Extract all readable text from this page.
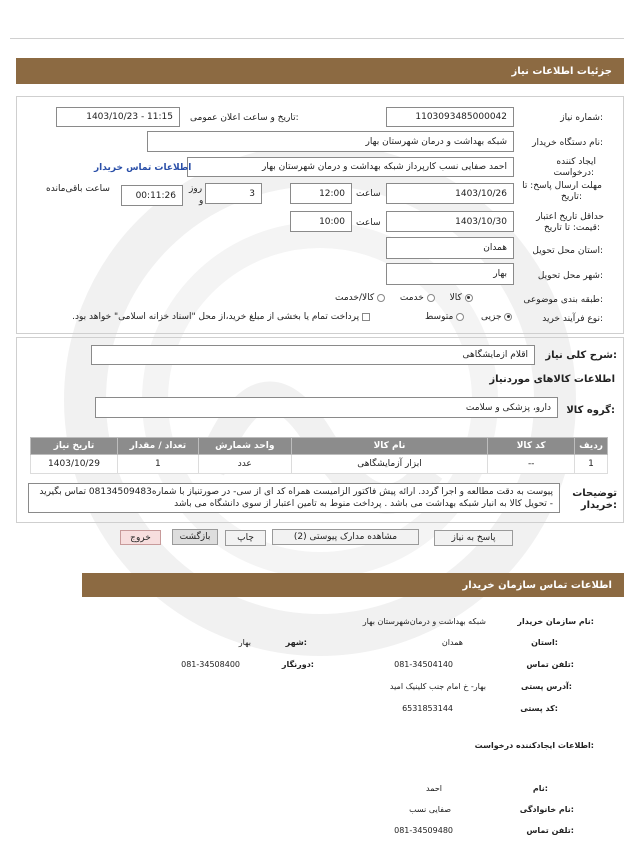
جزئیات اطلاعات نیاز
شماره نیاز:
1103093485000042
تاریخ و ساعت اعلان عمومی:
1403/10/23 - 11:15
نام دستگاه خریدار:
شبکه بهداشت و درمان شهرستان بهار
ایجاد کننده
درخواست:
احمد صفایی نسب کارپرداز شبکه بهداشت و درمان شهرستان بهار
اطلاعات تماس خریدار
مهلت ارسال پاسخ: تا
تاریخ:
1403/10/26
ساعت
12:00
3
روز
و
00:11:26
ساعت باقی‌مانده
حداقل تاریخ اعتبار
قیمت: تا تاریخ:
1403/10/30
ساعت
10:00
استان محل تحویل:
همدان
شهر محل تحویل:
بهار
طبقه بندی موضوعی:
کالا  خدمت  کالا/خدمت
نوع فرآیند خرید:
جزیی  متوسط
پرداخت تمام یا بخشی از مبلغ خرید،از محل "اسناد خزانه اسلامی" خواهد بود.
شرح کلی نیاز:
اقلام ازمایشگاهی
اطلاعات کالاهای موردنیاز
گروه کالا:
دارو، پزشکی و سلامت
ردیف	کد کالا	نام کالا	واحد شمارش	تعداد / مقدار	تاریخ نیاز
1	--	ابزار آزمایشگاهی	عدد	1	1403/10/29
توضیحات
خریدار:
پیوست به دقت مطالعه و اجرا گردد. ارائه پیش فاکتور الزامیست همراه کد ای از سی- در صورتنیاز با شماره08134509483 تماس بگیرید - تحویل کالا به انبار شبکه بهداشت می باشد . پرداخت منوط به تامین اعتبار از سوی دانشگاه می باشد
پاسخ به نیاز
مشاهده مدارک پیوستی (2)
چاپ
بازگشت
خروج
اطلاعات تماس سازمان خریدار
نام سازمان خریدار:
شبکه بهداشت و درمان‌شهرستان بهار
استان:
همدان
شهر:
بهار
تلفن تماس:
081-34504140
دورنگار:
081-34508400
آدرس پستی:
بهار- خ امام جنب کلینیک امید
کد پستی:
6531853144
اطلاعات ایجادکننده درخواست:
نام:
احمد
نام خانوادگی:
صفایی نسب
تلفن تماس:
081-34509480
